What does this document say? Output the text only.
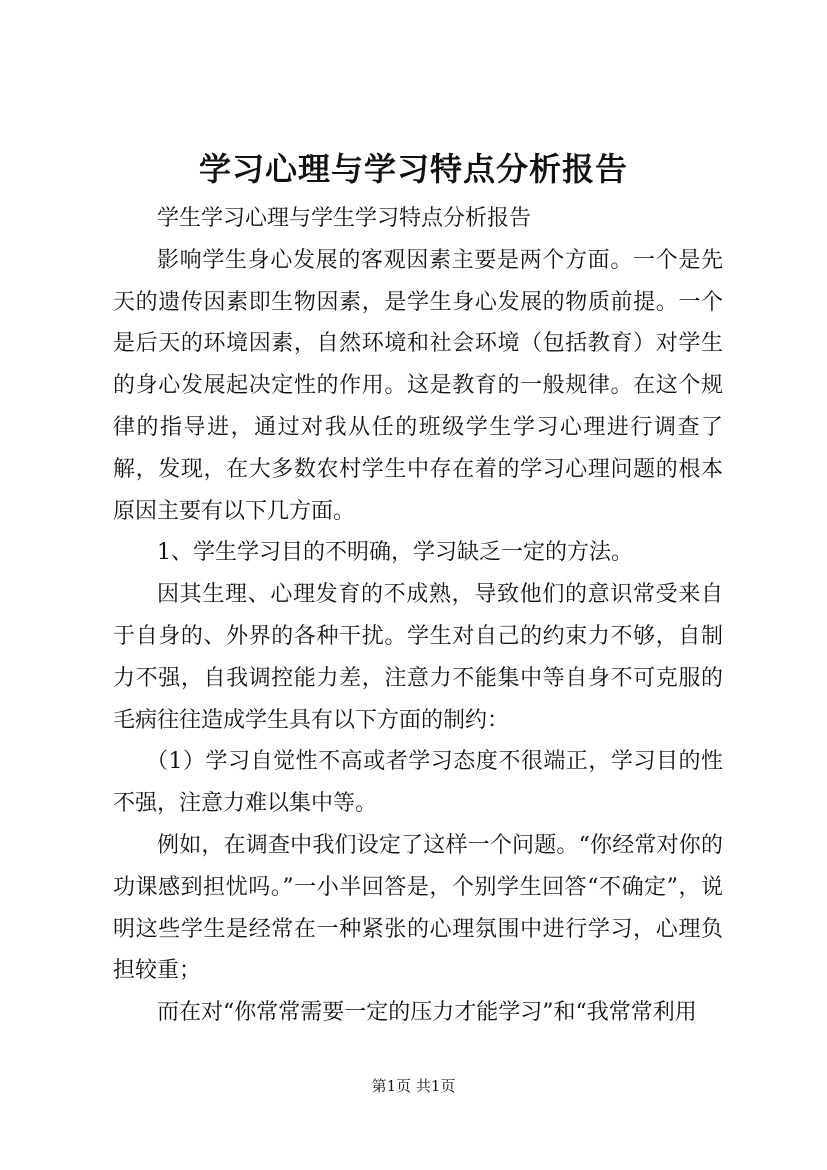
学习心理与学习特点分析报告

学生学习心理与学生学习特点分析报告

影响学生身心发展的客观因素主要是两个方面。一个是先天的遗传因素即生物因素，是学生身心发展的物质前提。一个是后天的环境因素，自然环境和社会环境（包括教育）对学生的身心发展起决定性的作用。这是教育的一般规律。在这个规律的指导进，通过对我从任的班级学生学习心理进行调查了解，发现，在大多数农村学生中存在着的学习心理问题的根本原因主要有以下几方面。

1、学生学习目的不明确，学习缺乏一定的方法。

因其生理、心理发育的不成熟，导致他们的意识常受来自于自身的、外界的各种干扰。学生对自己的约束力不够，自制力不强，自我调控能力差，注意力不能集中等自身不可克服的毛病往往造成学生具有以下方面的制约：

（1）学习自觉性不高或者学习态度不很端正，学习目的性不强，注意力难以集中等。

例如，在调查中我们设定了这样一个问题。“你经常对你的功课感到担忧吗。”一小半回答是，个别学生回答“不确定”，说明这些学生是经常在一种紧张的心理氛围中进行学习，心理负担较重；

而在对“你常常需要一定的压力才能学习”和“我常常利用

第1页 共1页
